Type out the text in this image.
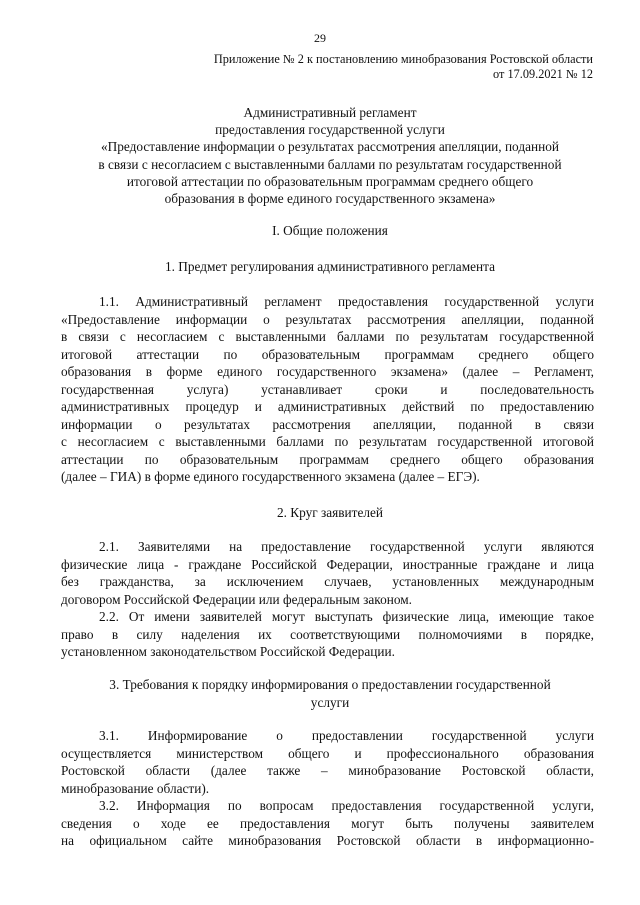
29
Приложение № 2 к постановлению минобразования Ростовской области
от 17.09.2021 № 12
Административный регламент
предоставления государственной услуги
«Предоставление информации о результатах рассмотрения апелляции, поданной
в связи с несогласием с выставленными баллами по результатам государственной
итоговой аттестации по образовательным программам среднего общего
образования в форме единого государственного экзамена»
I. Общие положения
1. Предмет регулирования административного регламента
1.1. Административный регламент предоставления государственной услуги
«Предоставление информации о результатах рассмотрения апелляции, поданной
в связи с несогласием с выставленными баллами по результатам государственной
итоговой аттестации по образовательным программам среднего общего
образования в форме единого государственного экзамена» (далее – Регламент,
государственная услуга) устанавливает сроки и последовательность
административных процедур и административных действий по предоставлению
информации о результатах рассмотрения апелляции, поданной в связи
с несогласием с выставленными баллами по результатам государственной итоговой
аттестации по образовательным программам среднего общего образования
(далее – ГИА) в форме единого государственного экзамена (далее – ЕГЭ).
2. Круг заявителей
2.1. Заявителями на предоставление государственной услуги являются
физические лица - граждане Российской Федерации, иностранные граждане и лица
без гражданства, за исключением случаев, установленных международным
договором Российской Федерации или федеральным законом.
2.2. От имени заявителей могут выступать физические лица, имеющие такое
право в силу наделения их соответствующими полномочиями в порядке,
установленном законодательством Российской Федерации.
3. Требования к порядку информирования о предоставлении государственной
услуги
3.1. Информирование о предоставлении государственной услуги
осуществляется министерством общего и профессионального образования
Ростовской области (далее также – минобразование Ростовской области,
минобразование области).
3.2. Информация по вопросам предоставления государственной услуги,
сведения о ходе ее предоставления могут быть получены заявителем
на официальном сайте минобразования Ростовской области в информационно-
